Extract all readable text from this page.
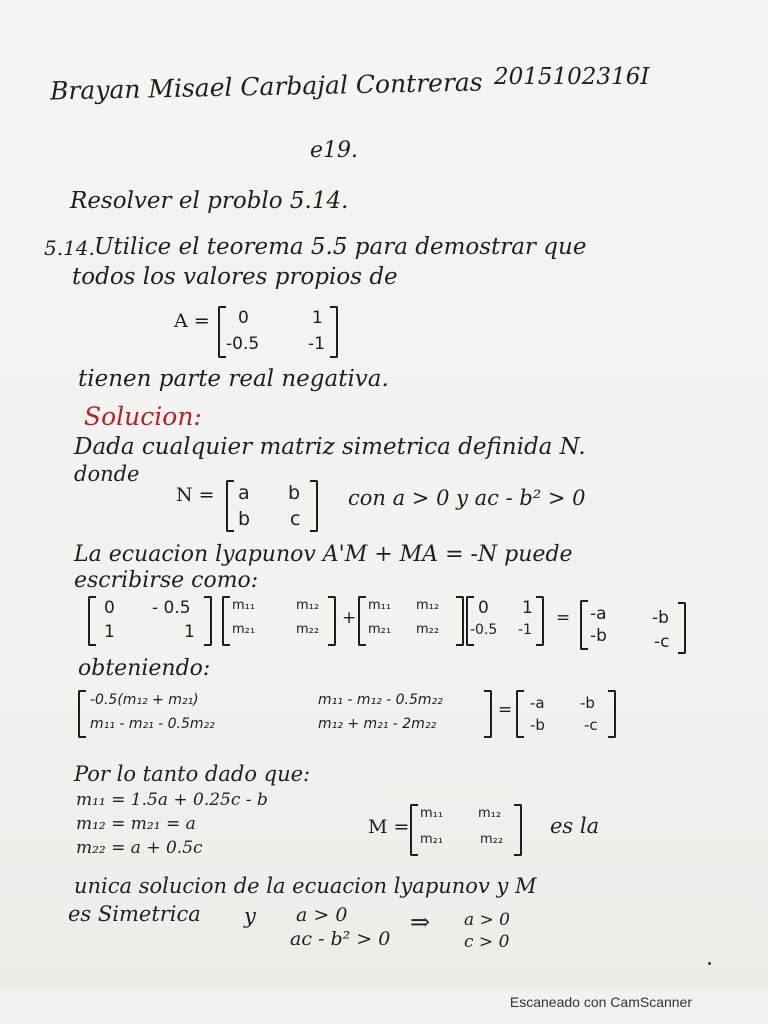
Brayan Misael Carbajal Contreras 2015102316I
e19.
Resolver el problo 5.14.
5.14. Utilice el teorema 5.5 para demostrar que
todos los valores propios de
A = 0	1
-0.5	-1
tienen parte real negativa.
Solucion:
Dada cualquier matriz simetrica definida N.
donde
N = a b
b c
con a > 0 y ac - b² > 0
La ecuacion lyapunov A'M + MA = -N puede
escribirse como:
0 - 0.5
1	1
m₁₁	m₁₂
m₂₁	m₂₂
+
m₁₁ m₁₂
m₂₁ m₂₂
0 1
-0.5 -1
= -a	-b
-b	-c
obteniendo:
-0.5(m₁₂ + m₂₁)	m₁₁ - m₁₂ - 0.5m₂₂
m₁₁ - m₂₁ - 0.5m₂₂	m₁₂ + m₂₁ - 2m₂₂
= -a -b
-b	-c
Por lo tanto dado que:
m₁₁ = 1.5a + 0.25c - b
m₁₂ = m₂₁ = a
m₂₂ = a + 0.5c
M =
m₁₁	m₁₂
m₂₁	m₂₂
es la
unica solucion de la ecuacion lyapunov y M
es Simetrica y a > 0
ac - b² > 0
⇒ a > 0
c > 0
Escaneado con CamScanner
